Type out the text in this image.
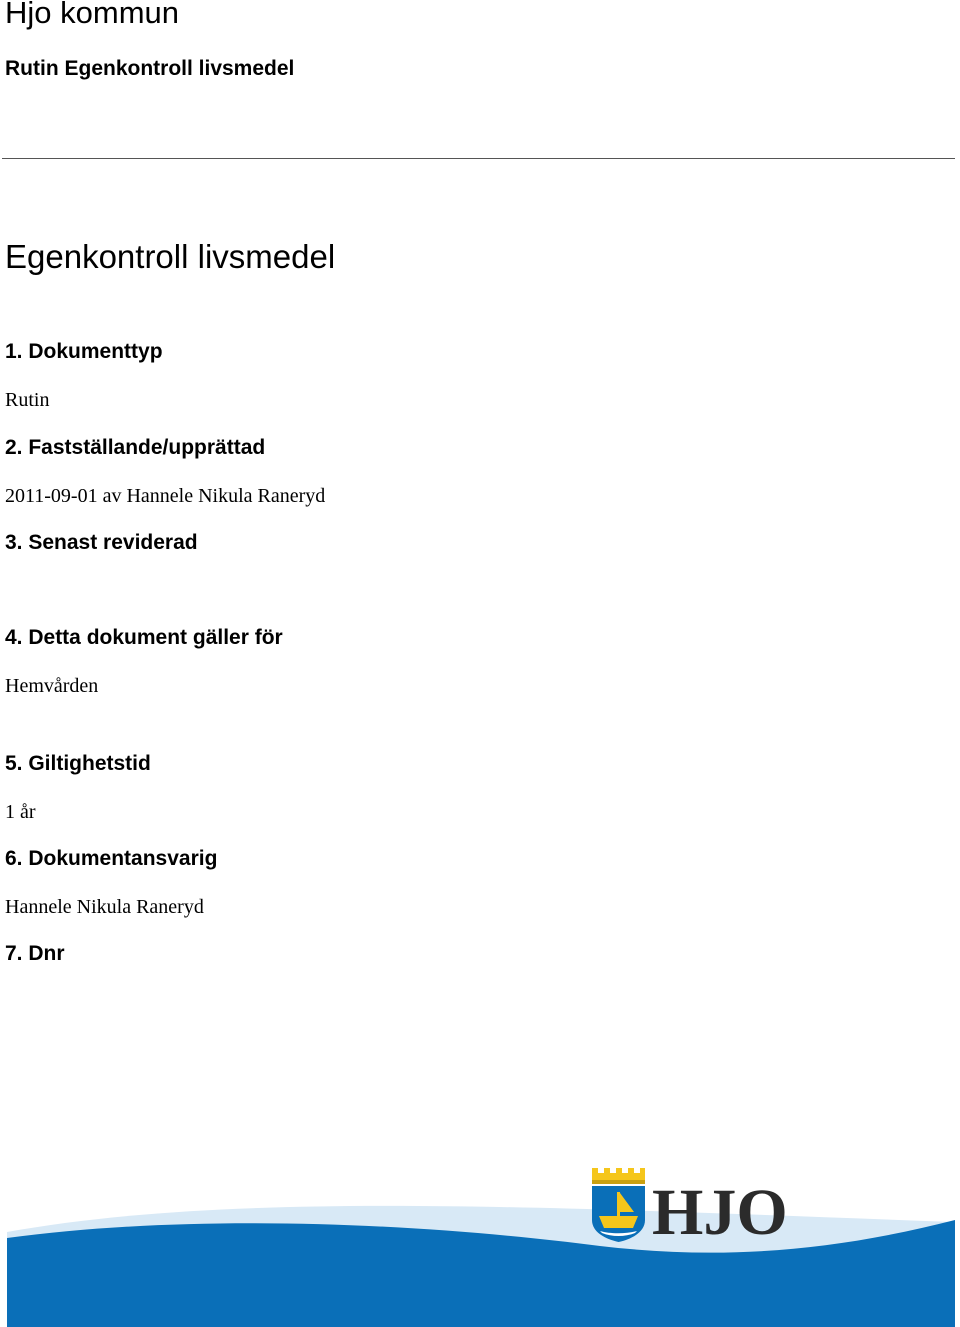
Hjo kommun
Rutin Egenkontroll livsmedel
Egenkontroll livsmedel
1. Dokumenttyp
Rutin
2. Fastställande/upprättad
2011-09-01 av Hannele Nikula Raneryd
3. Senast reviderad
4. Detta dokument gäller för
Hemvården
5. Giltighetstid
1 år
6. Dokumentansvarig
Hannele Nikula Raneryd
7. Dnr
HJO
